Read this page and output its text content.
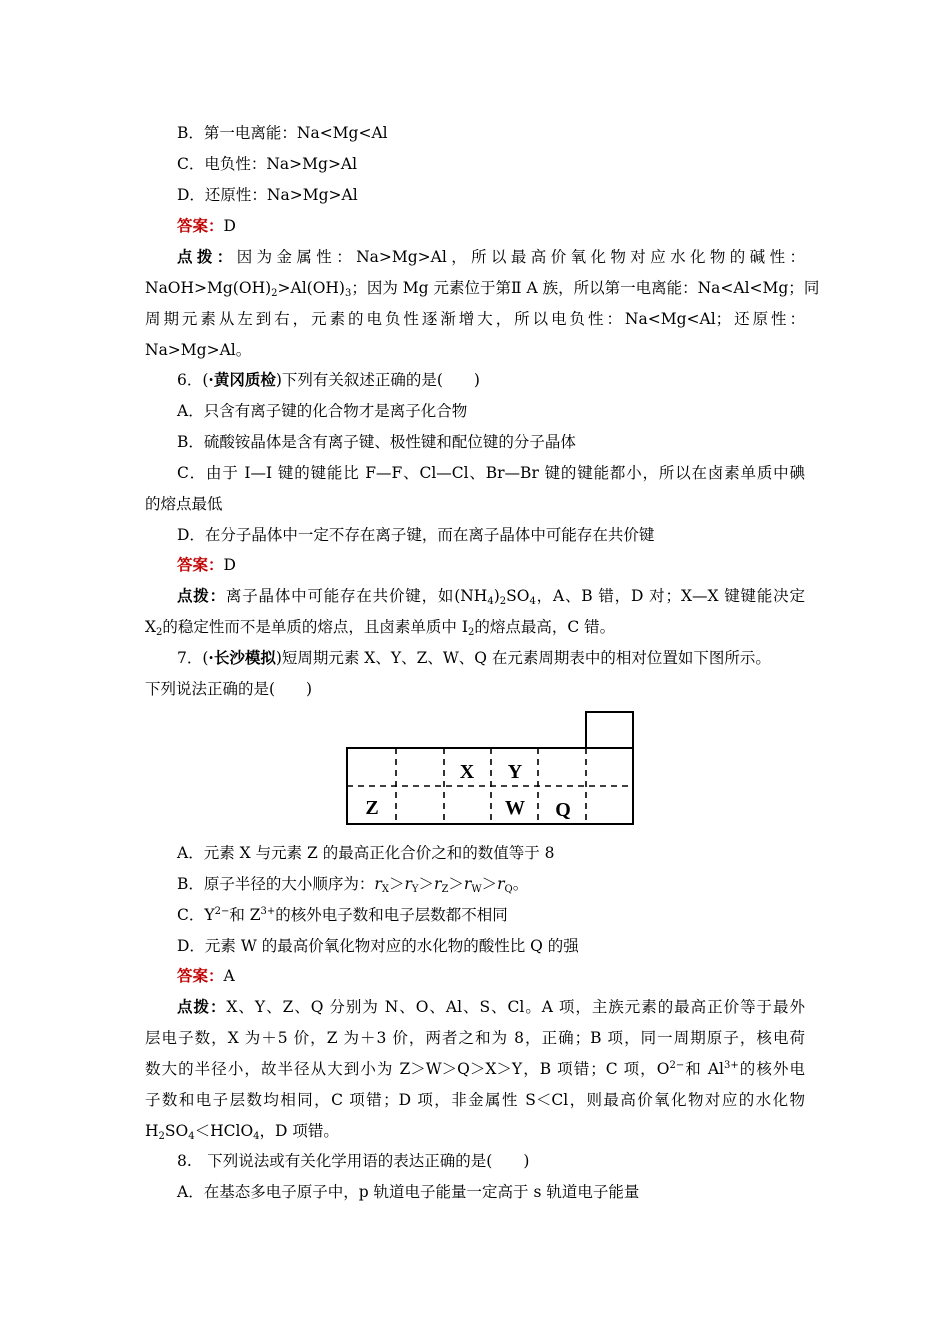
B．第一电离能：Na<Mg<Al
C．电负性：Na>Mg>Al
D．还原性：Na>Mg>Al
答案：D
点拨：因为金属性：Na>Mg>Al，所以最高价氧化物对应水化物的碱性：
$NaOH>Mg(OH)_2>Al(OH)_3$；因为 Mg 元素位于第Ⅱ A 族，所以第一电离能：Na<Al<Mg；同
周期元素从左到右，元素的电负性逐渐增大，所以电负性：Na<Mg<Al；还原性：
Na>Mg>Al。
6．(·黄冈质检)下列有关叙述正确的是(　　)
A．只含有离子键的化合物才是离子化合物
B．硫酸铵晶体是含有离子键、极性键和配位键的分子晶体
C．由于 I—I 键的键能比 F—F、Cl—Cl、Br—Br 键的键能都小，所以在卤素单质中碘
的熔点最低
D．在分子晶体中一定不存在离子键，而在离子晶体中可能存在共价键
答案：D
点拨：离子晶体中可能存在共价键，如$(NH_4)_2SO_4$，A、B 错，D 对；X—X 键键能决定
$X_2$的稳定性而不是单质的熔点，且卤素单质中 $I_2$的熔点最高，C 错。
7．(·长沙模拟)短周期元素 X、Y、Z、W、Q 在元素周期表中的相对位置如下图所示。
下列说法正确的是(　　)
X Y
Z	W Q
A．元素 X 与元素 Z 的最高正化合价之和的数值等于 8
B．原子半径的大小顺序为：$r_X>r_Y>r_Z>r_W>r_Q$。
C．$Y^{2-}$和 $Z^{3+}$的核外电子数和电子层数都不相同
D．元素 W 的最高价氧化物对应的水化物的酸性比 Q 的强
答案：A
点拨：X、Y、Z、Q 分别为 N、O、Al、S、Cl。A 项，主族元素的最高正价等于最外
层电子数，X 为＋5 价，Z 为＋3 价，两者之和为 8，正确；B 项，同一周期原子，核电荷
数大的半径小，故半径从大到小为 Z＞W＞Q＞X＞Y，B 项错；C 项，$O^{2-}$和 $Al^{3+}$的核外电
子数和电子层数均相同，C 项错；D 项，非金属性 S＜Cl，则最高价氧化物对应的水化物
$H_2SO_4<HClO_4$，D 项错。
8.　下列说法或有关化学用语的表达正确的是(　　)
A．在基态多电子原子中，p 轨道电子能量一定高于 s 轨道电子能量
